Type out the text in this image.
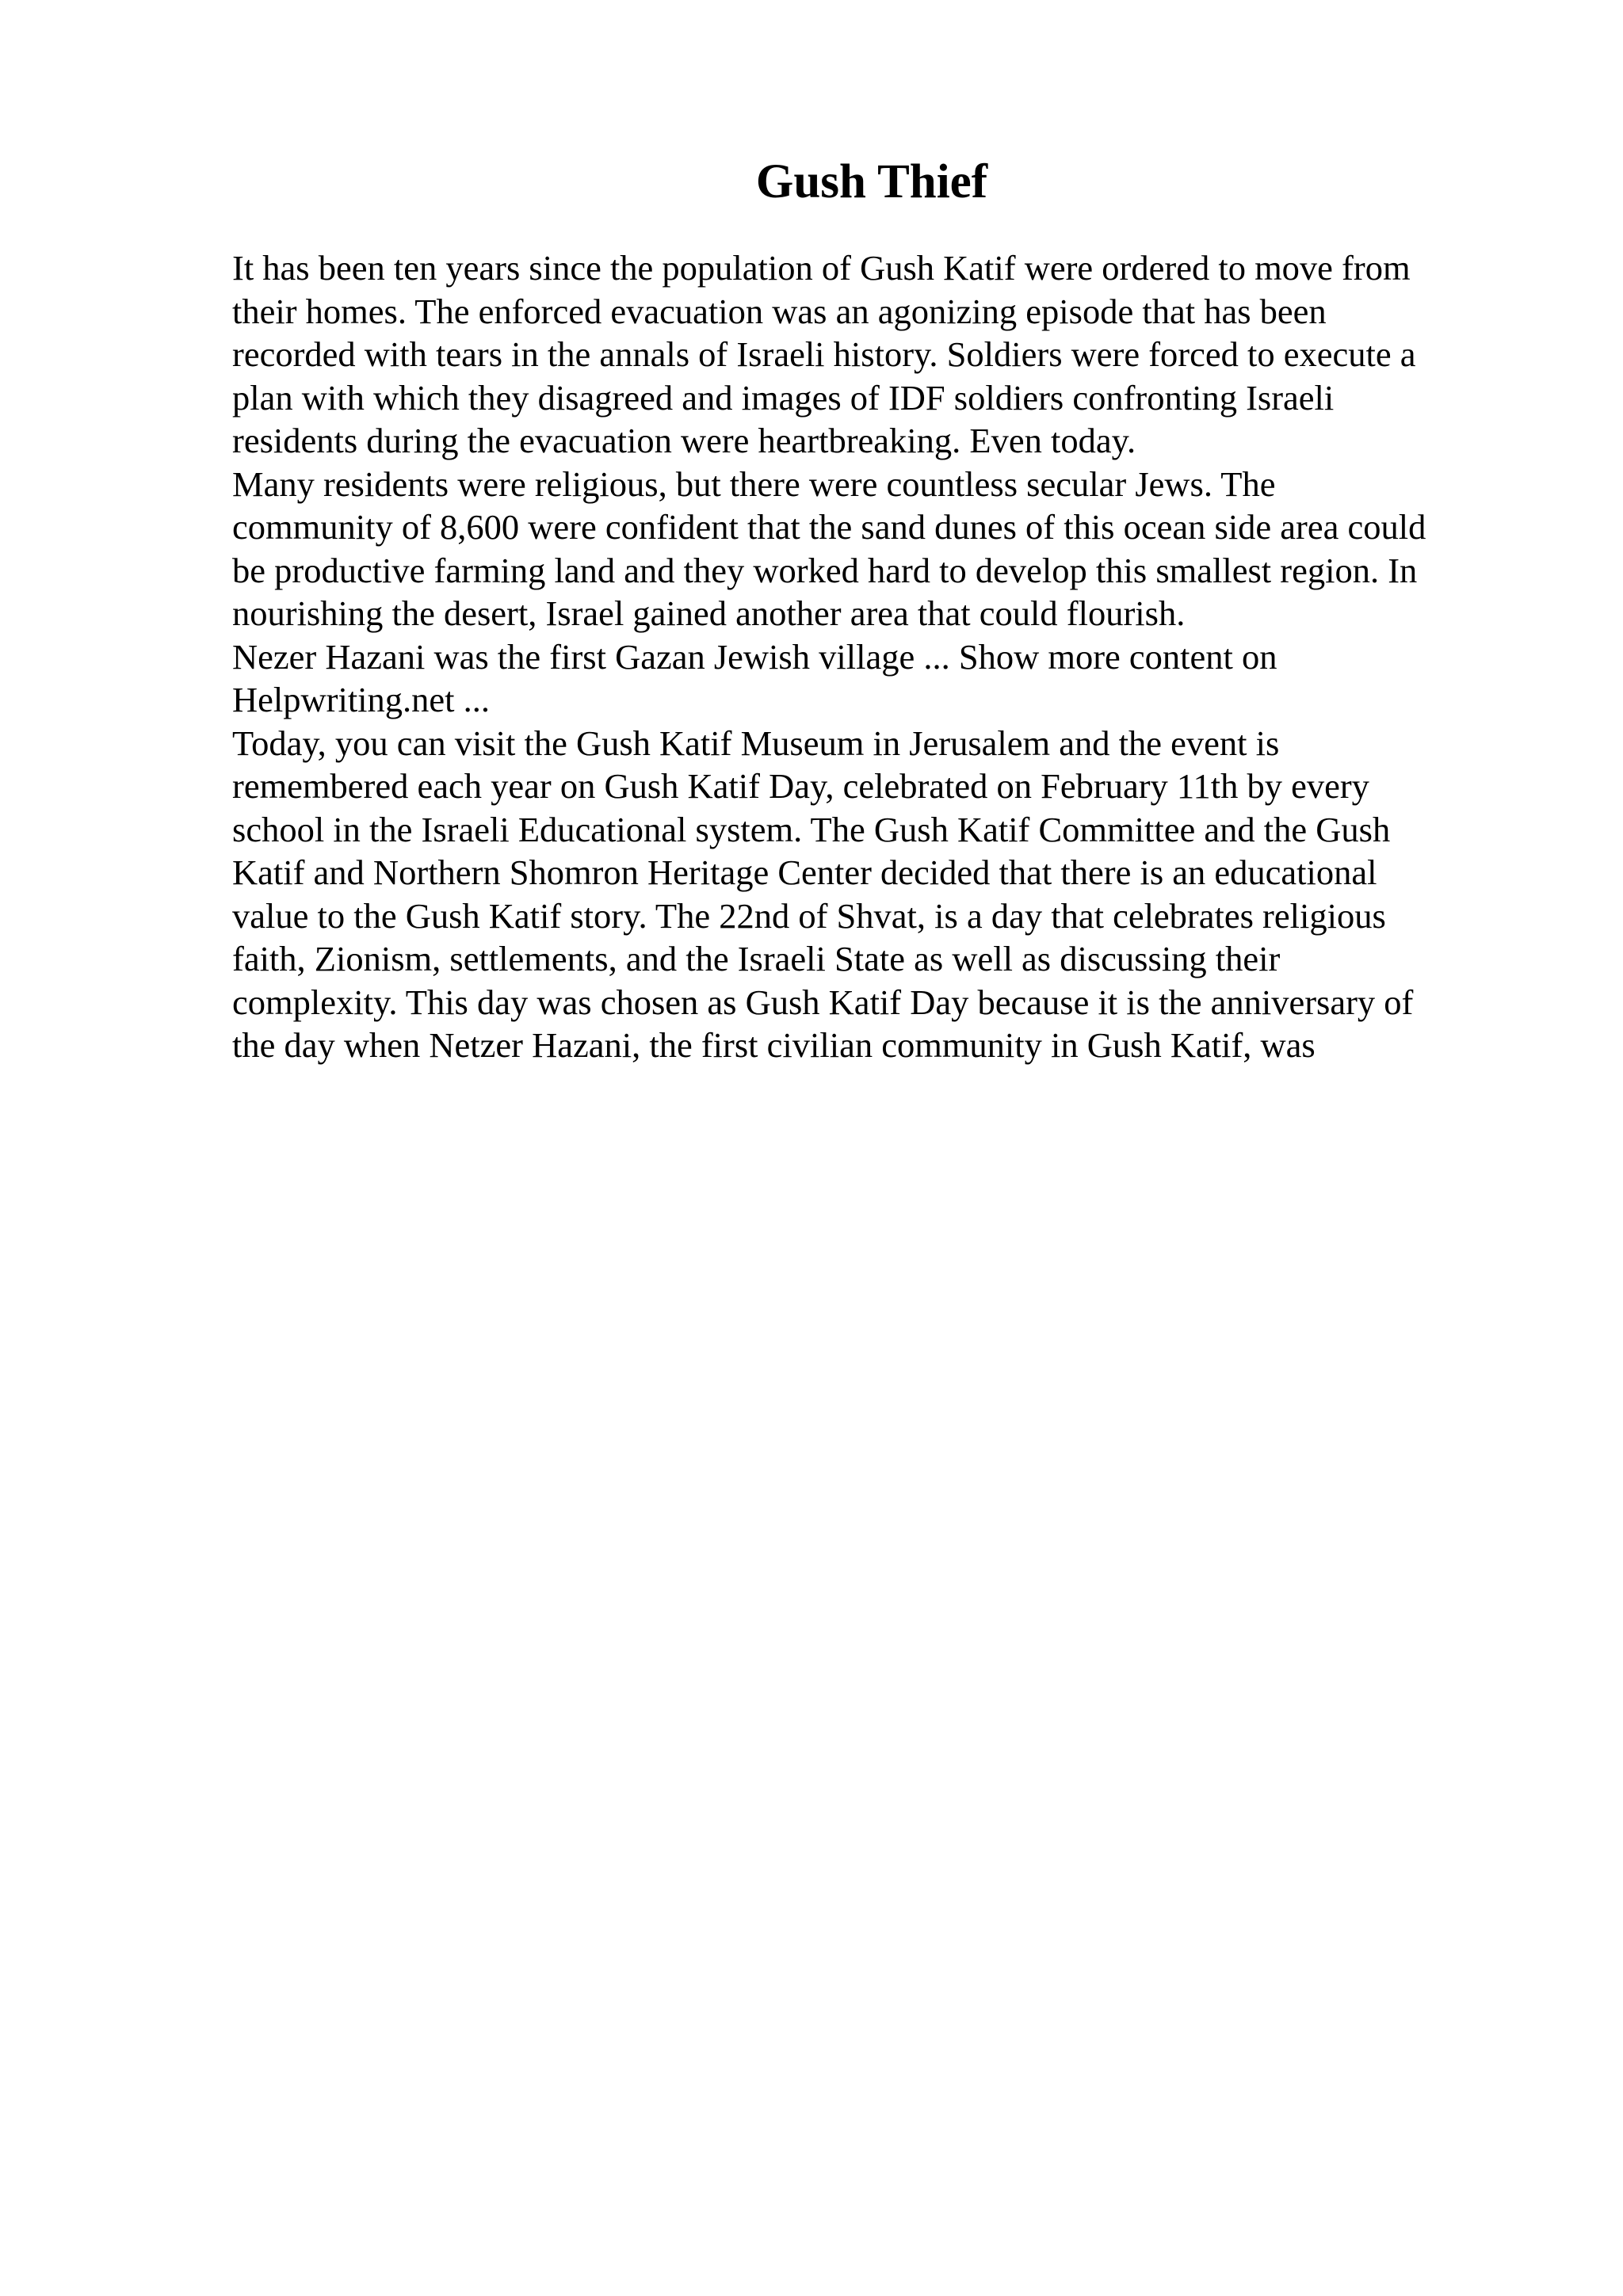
Gush Thief
It has been ten years since the population of Gush Katif were ordered to move from
their homes. The enforced evacuation was an agonizing episode that has been
recorded with tears in the annals of Israeli history. Soldiers were forced to execute a
plan with which they disagreed and images of IDF soldiers confronting Israeli
residents during the evacuation were heartbreaking. Even today.
Many residents were religious, but there were countless secular Jews. The
community of 8,600 were confident that the sand dunes of this ocean side area could
be productive farming land and they worked hard to develop this smallest region. In
nourishing the desert, Israel gained another area that could flourish.
Nezer Hazani was the first Gazan Jewish village ... Show more content on
Helpwriting.net ...
Today, you can visit the Gush Katif Museum in Jerusalem and the event is
remembered each year on Gush Katif Day, celebrated on February 11th by every
school in the Israeli Educational system. The Gush Katif Committee and the Gush
Katif and Northern Shomron Heritage Center decided that there is an educational
value to the Gush Katif story. The 22nd of Shvat, is a day that celebrates religious
faith, Zionism, settlements, and the Israeli State as well as discussing their
complexity. This day was chosen as Gush Katif Day because it is the anniversary of
the day when Netzer Hazani, the first civilian community in Gush Katif, was
